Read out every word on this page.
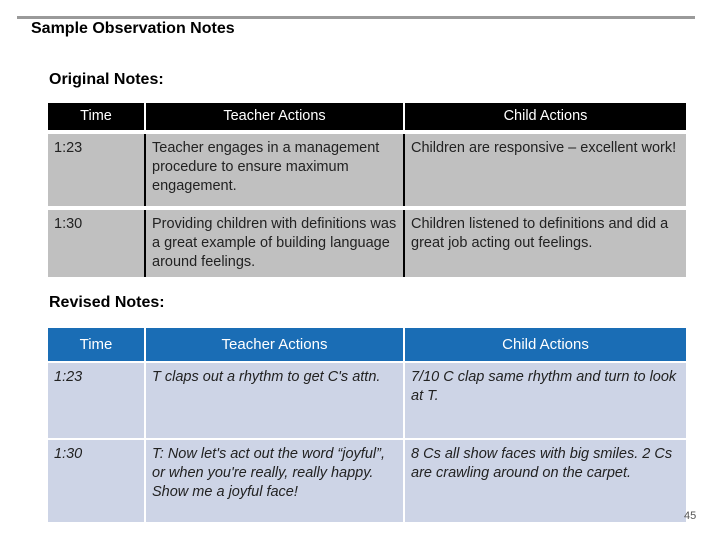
Sample Observation Notes
Original Notes:
Time	Teacher Actions	Child Actions
1:23	Teacher engages in a management procedure to ensure maximum engagement.	Children are responsive – excellent work!
1:30	Providing children with definitions was a great example of building language around feelings.	Children listened to definitions and did a great job acting out feelings.
Revised Notes:
Time	Teacher Actions	Child Actions
1:23	T claps out a rhythm to get C's attn.	7/10 C clap same rhythm and turn to look at T.
1:30	T: Now let's act out the word “joyful”, or when you're really, really happy. Show me a joyful face!	8 Cs all show faces with big smiles. 2 Cs are crawling around on the carpet.
45
